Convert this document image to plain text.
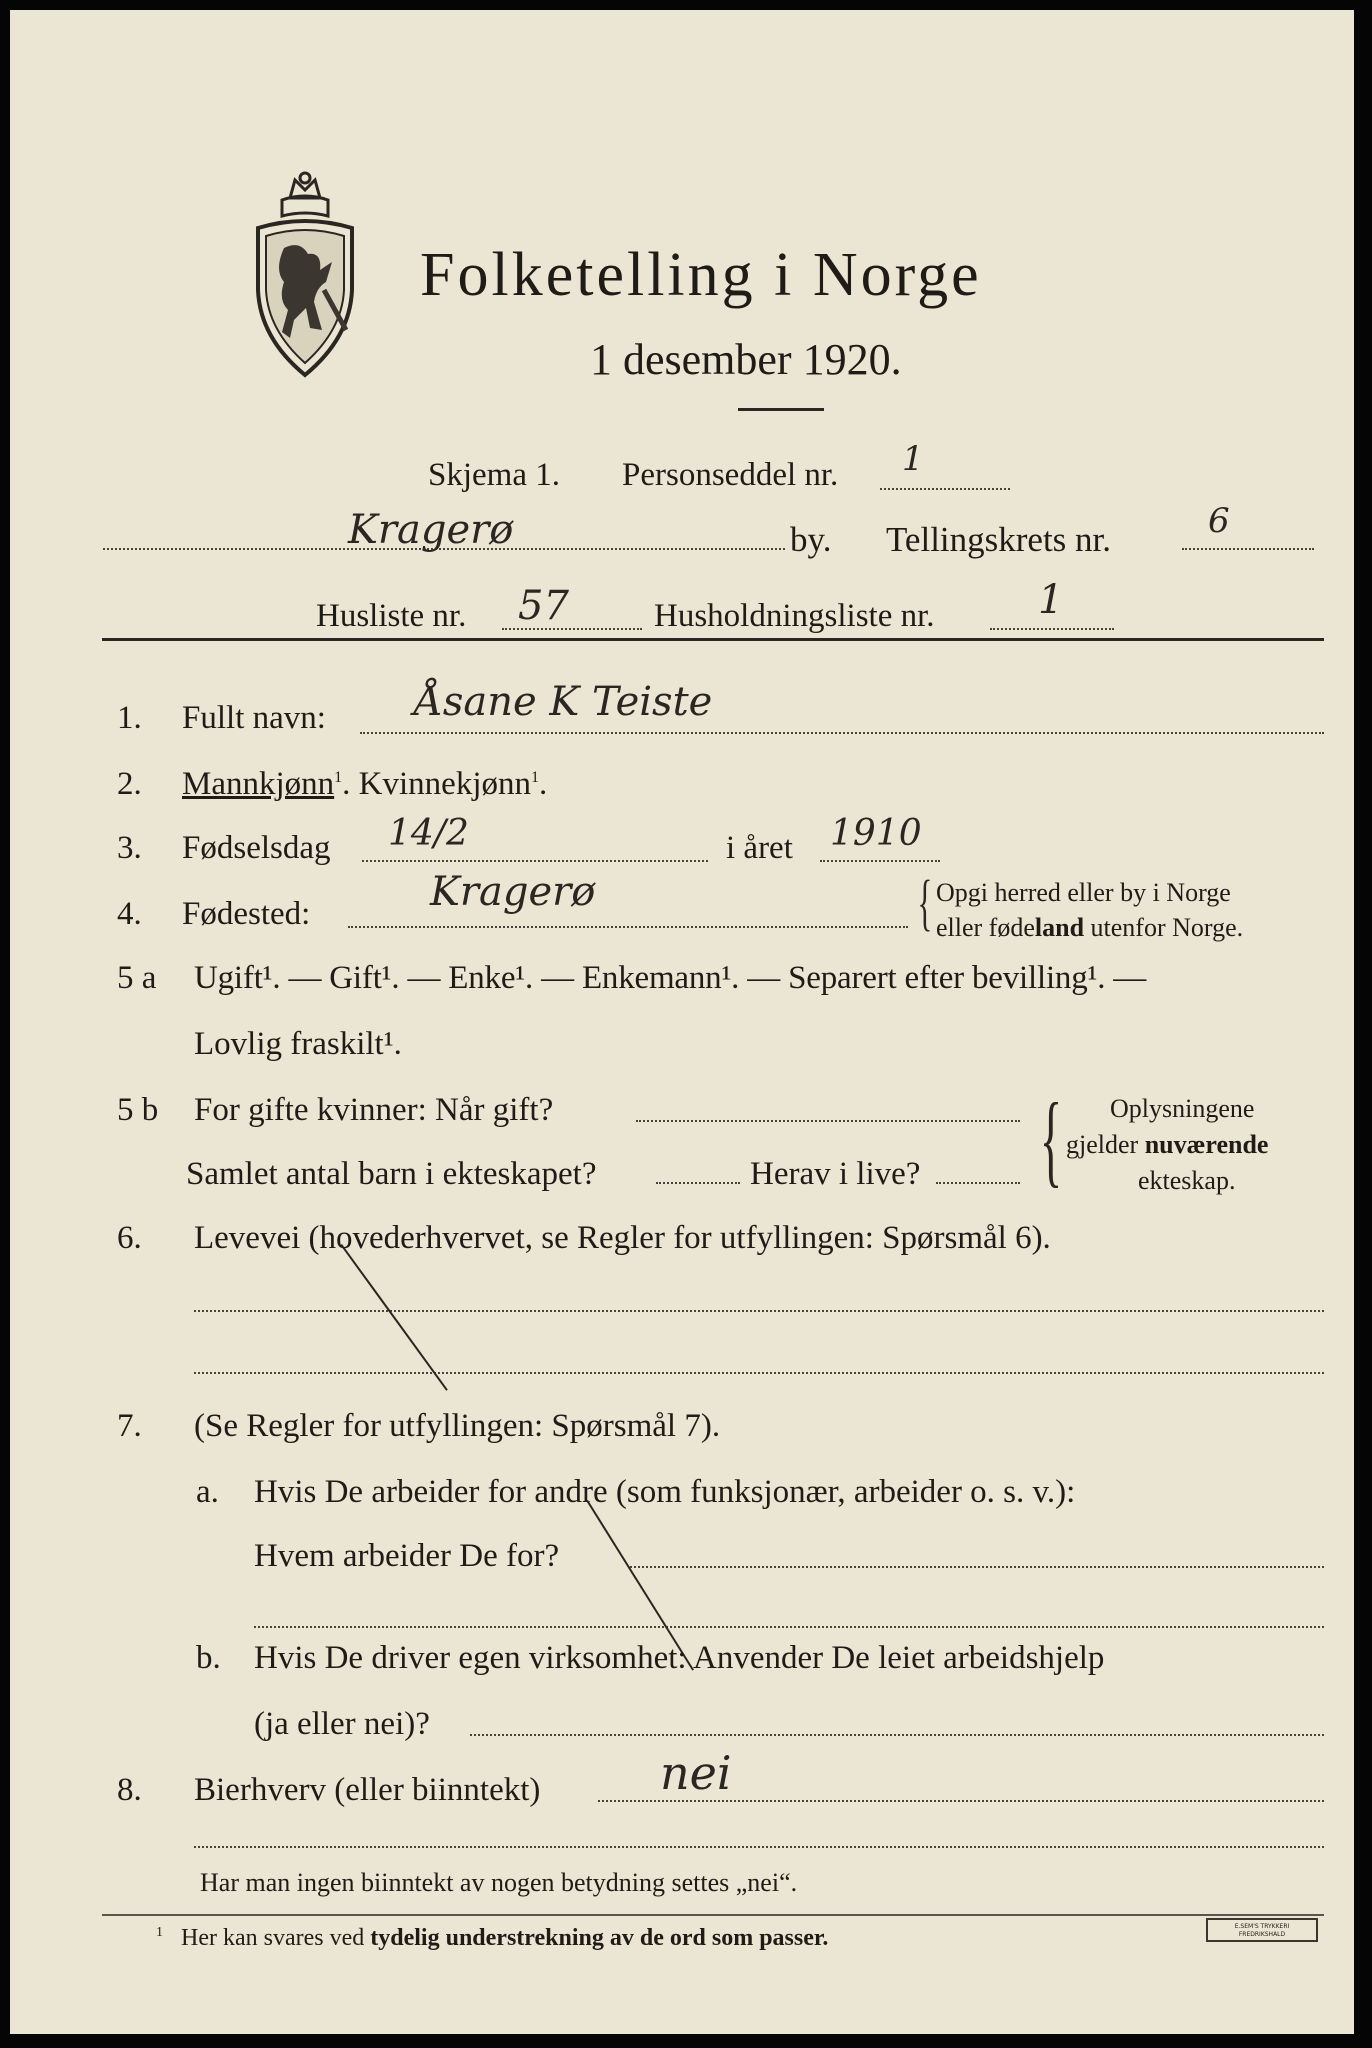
Folketelling i Norge
1 desember 1920.
Skjema 1. Personseddel nr. 1
Kragerø	by. Tellingskrets nr.	6
Husliste nr. 57	Husholdningsliste nr.	1
1. Fullt navn: Åsane K Teiste
2. Mannkjønn$^1$. Kvinnekjønn$^1$.
3. Fødselsdag 14/2	i året 1910
4. Fødested:	Kragerø	{ Opgi herred eller by i Norge
eller fødeland utenfor Norge.
5 a Ugift¹. — Gift¹. — Enke¹. — Enkemann¹. — Separert efter bevilling¹. —
Lovlig fraskilt¹.
5 b For gifte kvinner: Når gift?
Samlet antal barn i ekteskapet?	Herav i live? { Oplysningene
gjelder nuværende
ekteskap.
6. Levevei (hovederhvervet, se Regler for utfyllingen: Spørsmål 6).
7. (Se Regler for utfyllingen: Spørsmål 7).
a. Hvis De arbeider for andre (som funksjonær, arbeider o. s. v.):
Hvem arbeider De for?
b. Hvis De driver egen virksomhet: Anvender De leiet arbeidshjelp
(ja eller nei)?
8. Bierhverv (eller biinntekt)	nei
Har man ingen biinntekt av nogen betydning settes „nei“.
$^1$ Her kan svares ved tydelig understrekning av de ord som passer.	E.SEM'S TRYKKERI
FREDRIKSHALD
